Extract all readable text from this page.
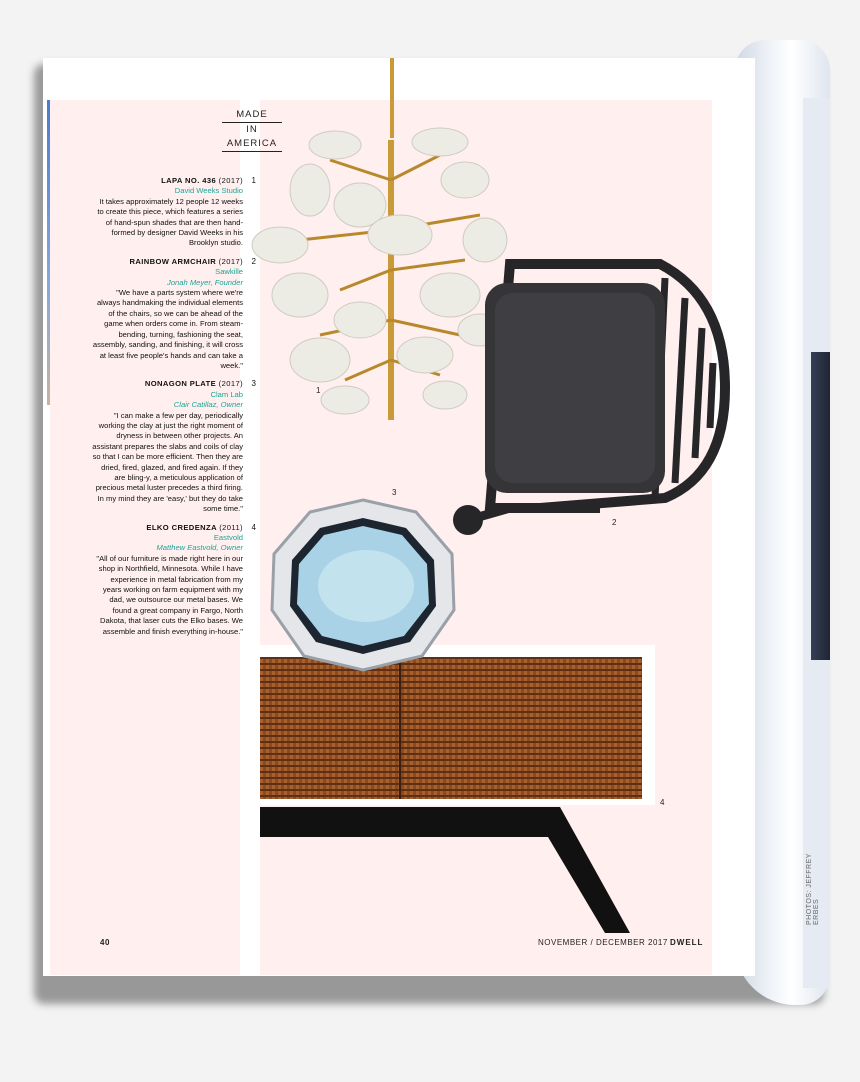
PHOTOS: JEFFREY ERBES
MADE
IN
AMERICA
LAPA NO. 436 (2017)	1
David Weeks Studio
It takes approximately 12 people 12 weeks to create this piece, which features a series of hand-spun shades that are then hand-formed by designer David Weeks in his Brooklyn studio.
RAINBOW ARMCHAIR (2017)	2
Sawkille
Jonah Meyer, Founder
"We have a parts system where we're always handmaking the individual elements of the chairs, so we can be ahead of the game when orders come in. From steam-bending, turning, fashioning the seat, assembly, sanding, and finishing, it will cross at least five people's hands and can take a week."
NONAGON PLATE (2017)	3
Clam Lab
Clair Catillaz, Owner
"I can make a few per day, periodically working the clay at just the right moment of dryness in between other projects. An assistant prepares the slabs and coils of clay so that I can be more efficient. Then they are dried, fired, glazed, and fired again. If they are bling-y, a meticulous application of precious metal luster precedes a third firing. In my mind they are 'easy,' but they do take some time."
ELKO CREDENZA (2011)	4
Eastvold
Matthew Eastvold, Owner
"All of our furniture is made right here in our shop in Northfield, Minnesota. While I have experience in metal fabrication from my years working on farm equipment with my dad, we outsource our metal bases. We found a great company in Fargo, North Dakota, that laser cuts the Elko bases. We assemble and finish everything in-house."
1
2
4
3
40	NOVEMBER / DECEMBER 2017 DWELL
